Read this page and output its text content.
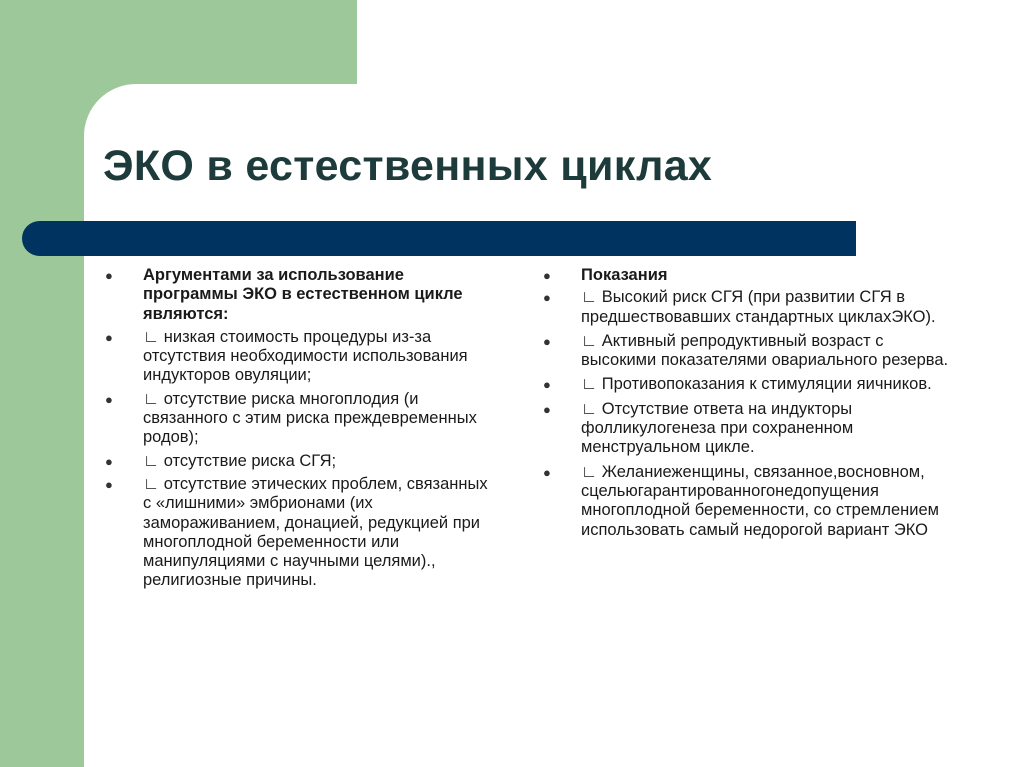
ЭКО в естественных циклах
● Аргументами за использование программы ЭКО в естественном цикле являются:
● ∟ низкая стоимость процедуры из-за отсутствия необходимости использования индукторов овуляции;
● ∟ отсутствие риска многоплодия (и связанного с этим риска преждевременных родов);
● ∟ отсутствие риска СГЯ;
● ∟ отсутствие этических проблем, связанных с «лишними» эмбрионами (их замораживанием, донацией, редукцией при многоплодной беременности или манипуляциями с научными целями)., религиозные причины.
● Показания
● ∟ Высокий риск СГЯ (при развитии СГЯ в предшествовавших стандартных циклахЭКО).
● ∟ Активный репродуктивный возраст с высокими показателями овариального резерва.
● ∟ Противопоказания к стимуляции яичников.
● ∟ Отсутствие ответа на индукторы фолликулогенеза при сохраненном менструальном цикле.
● ∟ Желаниеженщины, связанное,восновном, сцельюгарантированногонедопущения многоплодной беременности, со стремлением использовать самый недорогой вариант ЭКО
